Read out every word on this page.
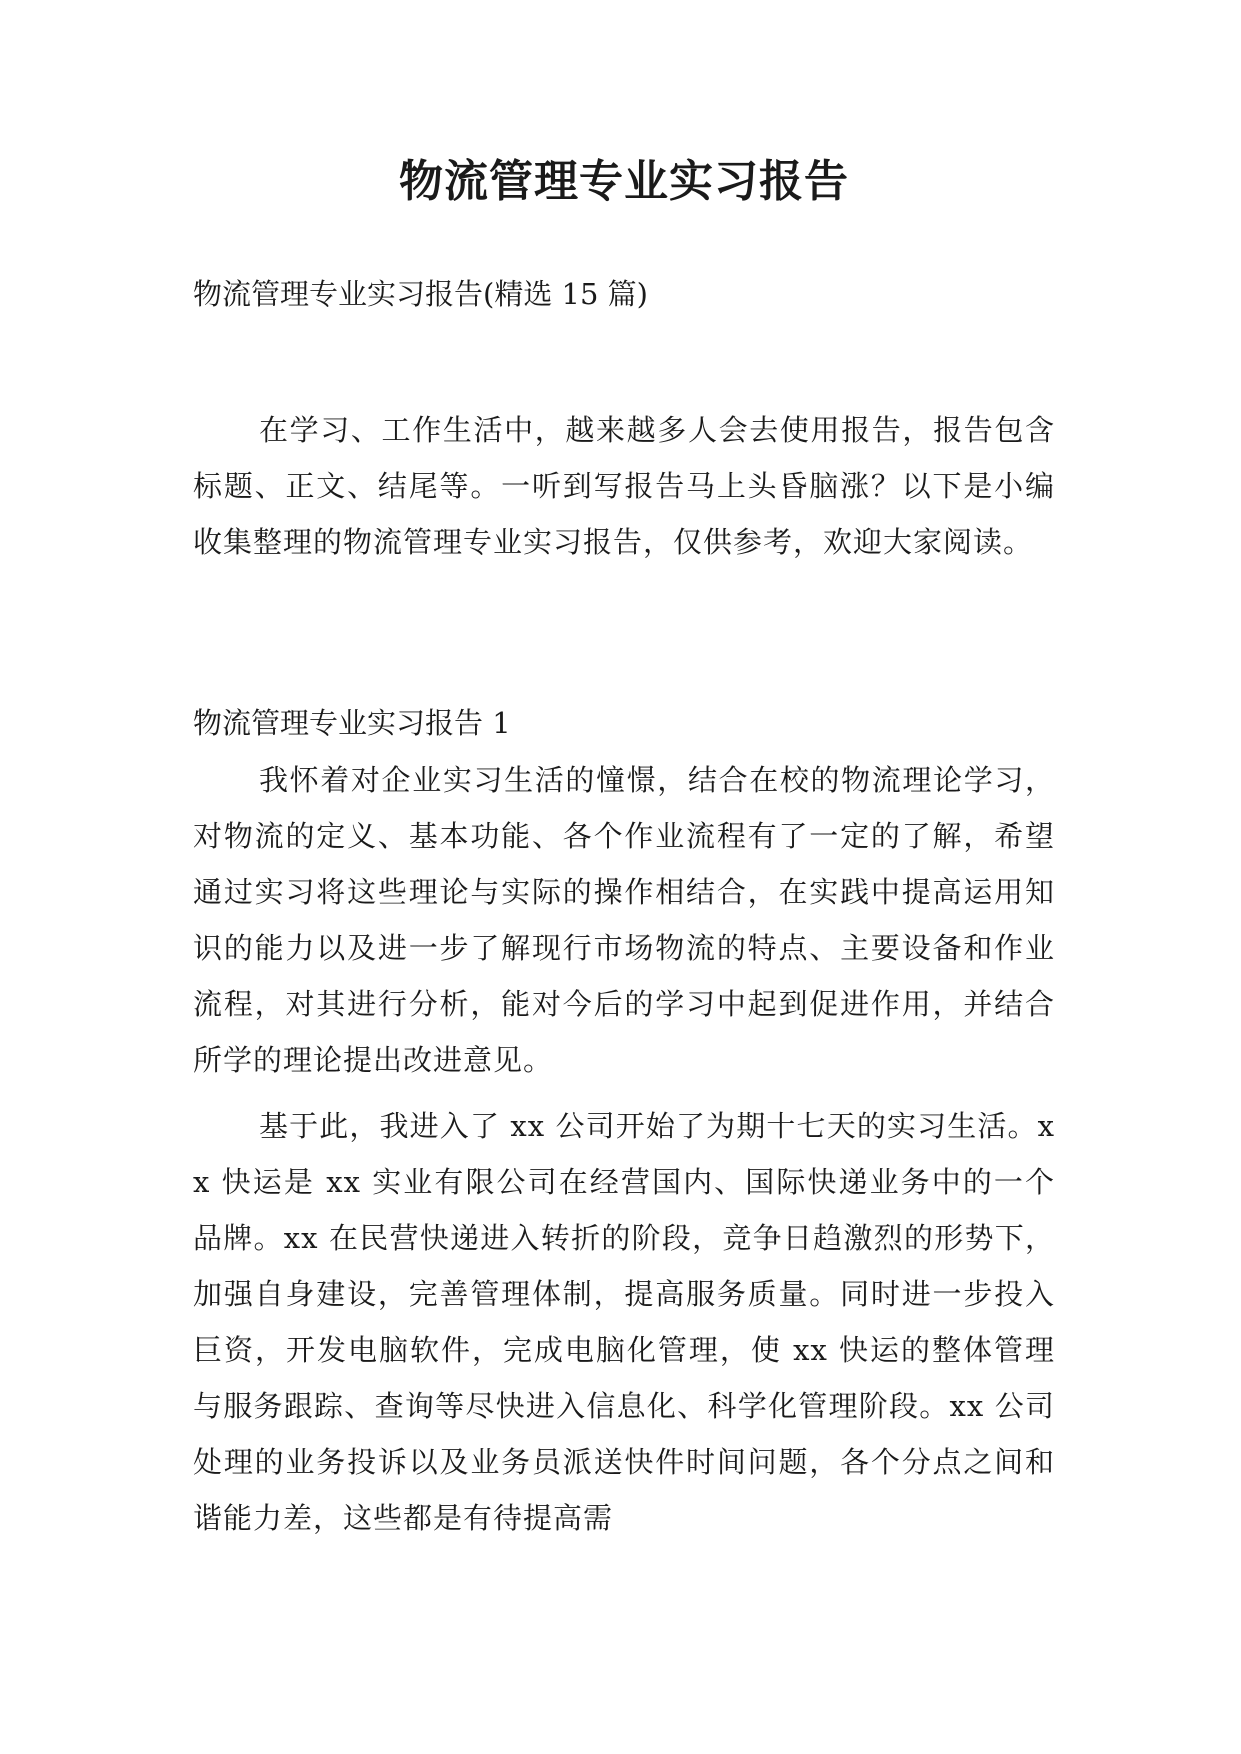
物流管理专业实习报告

物流管理专业实习报告(精选 15 篇)

在学习、工作生活中，越来越多人会去使用报告，报告包含标题、正文、结尾等。一听到写报告马上头昏脑涨？以下是小编收集整理的物流管理专业实习报告，仅供参考，欢迎大家阅读。

物流管理专业实习报告 1

我怀着对企业实习生活的憧憬，结合在校的物流理论学习，对物流的定义、基本功能、各个作业流程有了一定的了解，希望通过实习将这些理论与实际的操作相结合，在实践中提高运用知识的能力以及进一步了解现行市场物流的特点、主要设备和作业流程，对其进行分析，能对今后的学习中起到促进作用，并结合所学的理论提出改进意见。

基于此，我进入了 xx 公司开始了为期十七天的实习生活。xx 快运是 xx 实业有限公司在经营国内、国际快递业务中的一个品牌。xx 在民营快递进入转折的阶段，竞争日趋激烈的形势下，加强自身建设，完善管理体制，提高服务质量。同时进一步投入巨资，开发电脑软件，完成电脑化管理，使 xx 快运的整体管理与服务跟踪、查询等尽快进入信息化、科学化管理阶段。xx 公司处理的业务投诉以及业务员派送快件时间问题，各个分点之间和谐能力差，这些都是有待提高需
